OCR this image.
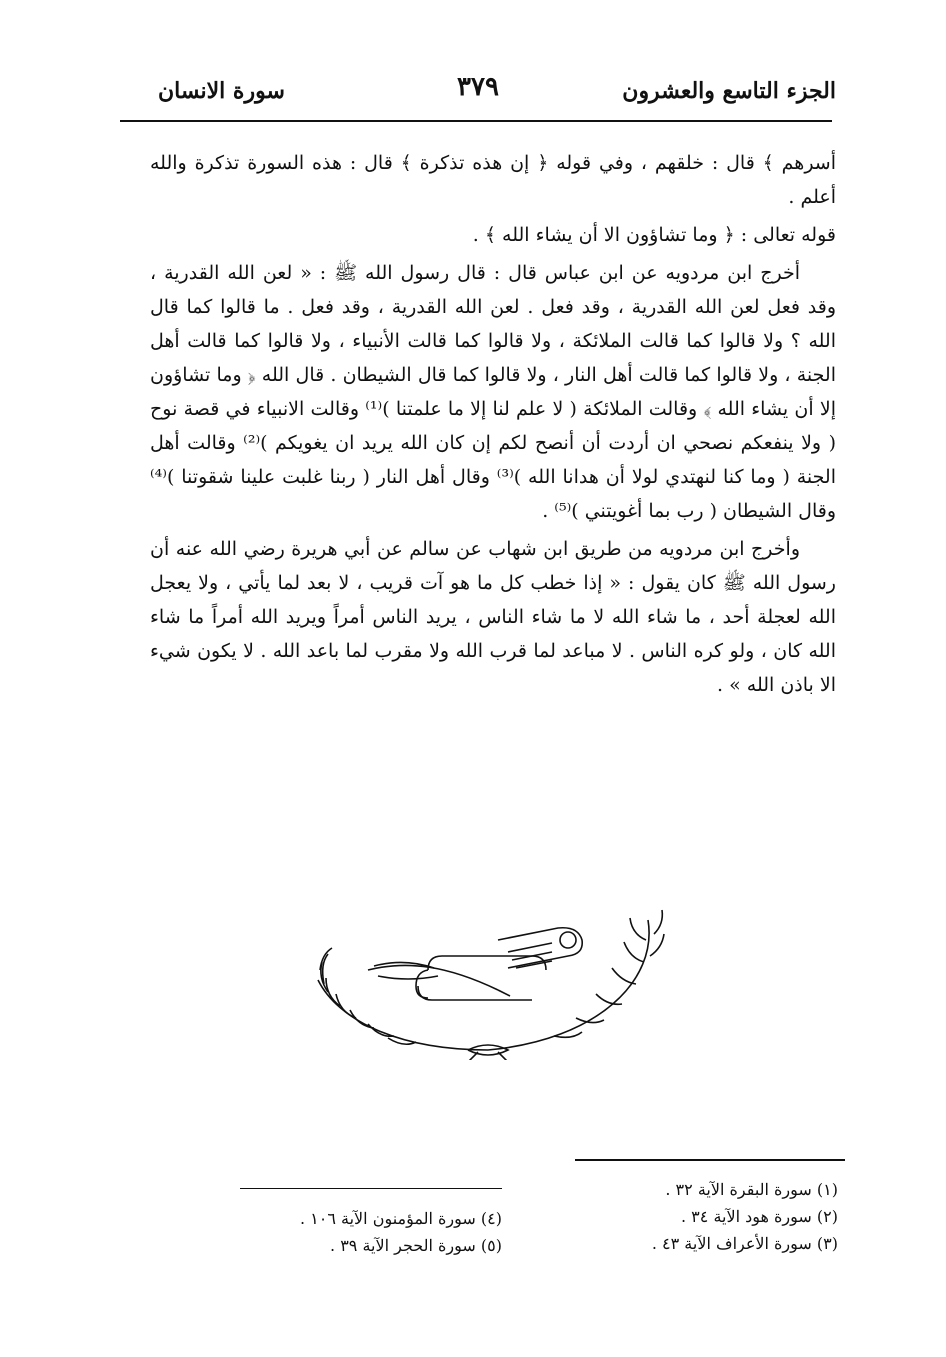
الجزء التاسع والعشرون
٣٧٩
سورة الانسان

أسرهم ﴾ قال : خلقهم ، وفي قوله ﴿ إن هذه تذكرة ﴾ قال : هذه السورة تذكرة والله أعلم .

قوله تعالى : ﴿ وما تشاؤون الا أن يشاء الله ﴾ .

أخرج ابن مردويه عن ابن عباس قال : قال رسول الله ﷺ : « لعن الله القدرية ، وقد فعل لعن الله القدرية ، وقد فعل . لعن الله القدرية ، وقد فعل . ما قالوا كما قال الله ؟ ولا قالوا كما قالت الملائكة ، ولا قالوا كما قالت الأنبياء ، ولا قالوا كما قالت أهل الجنة ، ولا قالوا كما قالت أهل النار ، ولا قالوا كما قال الشيطان . قال الله ﴿ وما تشاؤون إلا أن يشاء الله ﴾ وقالت الملائكة ( لا علم لنا إلا ما علمتنا )⁽¹⁾ وقالت الانبياء في قصة نوح ( ولا ينفعكم نصحي ان أردت أن أنصح لكم إن كان الله يريد ان يغويكم )⁽²⁾ وقالت أهل الجنة ( وما كنا لنهتدي لولا أن هدانا الله )⁽³⁾ وقال أهل النار ( ربنا غلبت علينا شقوتنا )⁽⁴⁾ وقال الشيطان ( رب بما أغويتني )⁽⁵⁾ .

وأخرج ابن مردويه من طريق ابن شهاب عن سالم عن أبي هريرة رضي الله عنه أن رسول الله ﷺ كان يقول : « إذا خطب كل ما هو آت قريب ، لا بعد لما يأتي ، ولا يعجل الله لعجلة أحد ، ما شاء الله لا ما شاء الناس ، يريد الناس أمراً ويريد الله أمراً ما شاء الله كان ، ولو كره الناس . لا مباعد لما قرب الله ولا مقرب لما باعد الله . لا يكون شيء الا باذن الله » .

(١) سورة البقرة الآية ٣٢ .
(٢) سورة هود الآية ٣٤ .
(٣) سورة الأعراف الآية ٤٣ .
(٤) سورة المؤمنون الآية ١٠٦ .
(٥) سورة الحجر الآية ٣٩ .
